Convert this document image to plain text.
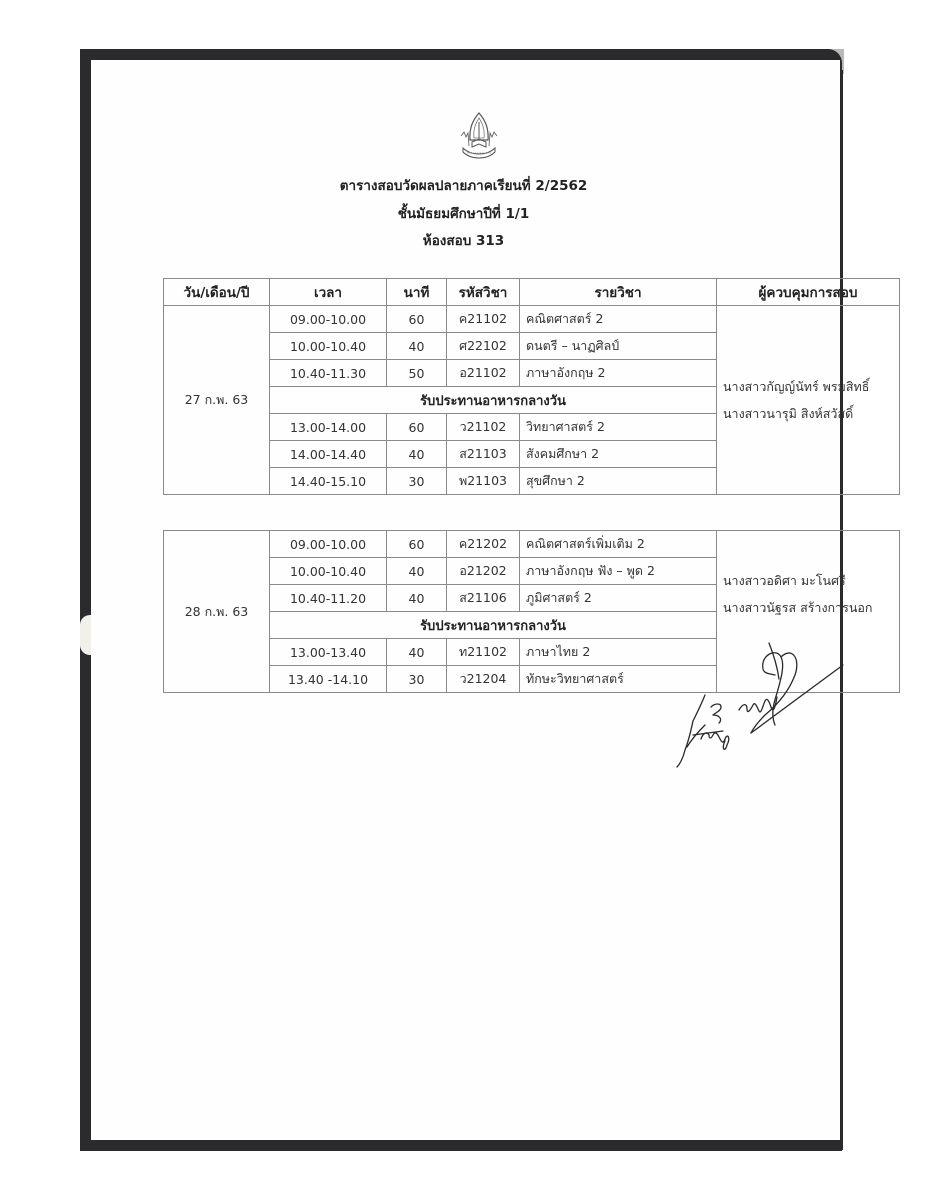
ตารางสอบวัดผลปลายภาคเรียนที่ 2/2562
ชั้นมัธยมศึกษาปีที่ 1/1
ห้องสอบ 313
วัน/เดือน/ปี	เวลา	นาที	รหัสวิชา	รายวิชา	ผู้ควบคุมการสอบ
27 ก.พ. 63	09.00-10.00	60	ค21102	คณิตศาสตร์ 2	นางสาวกัญญ์นัทร์ พรมสิทธิ์
นางสาวนารุมิ สิงห์สวัสดิ์

	10.00-10.40	40	ศ22102	ดนตรี – นาฏศิลป์	
	10.40-11.30	50	อ21102	ภาษาอังกฤษ 2	
	รับประทานอาหารกลางวัน				
	13.00-14.00	60	ว21102	วิทยาศาสตร์ 2	
	14.00-14.40	40	ส21103	สังคมศึกษา 2	
	14.40-15.10	30	พ21103	สุขศึกษา 2	
28 ก.พ. 63	09.00-10.00	60	ค21202	คณิตศาสตร์เพิ่มเติม 2	นางสาวอดิศา มะโนศรี
นางสาวนัฐรส สร้างการนอก

	10.00-10.40	40	อ21202	ภาษาอังกฤษ ฟัง – พูด 2	
	10.40-11.20	40	ส21106	ภูมิศาสตร์ 2	
	รับประทานอาหารกลางวัน				
	13.00-13.40	40	ท21102	ภาษาไทย 2	
	13.40 -14.10	30	ว21204	ทักษะวิทยาศาสตร์	
